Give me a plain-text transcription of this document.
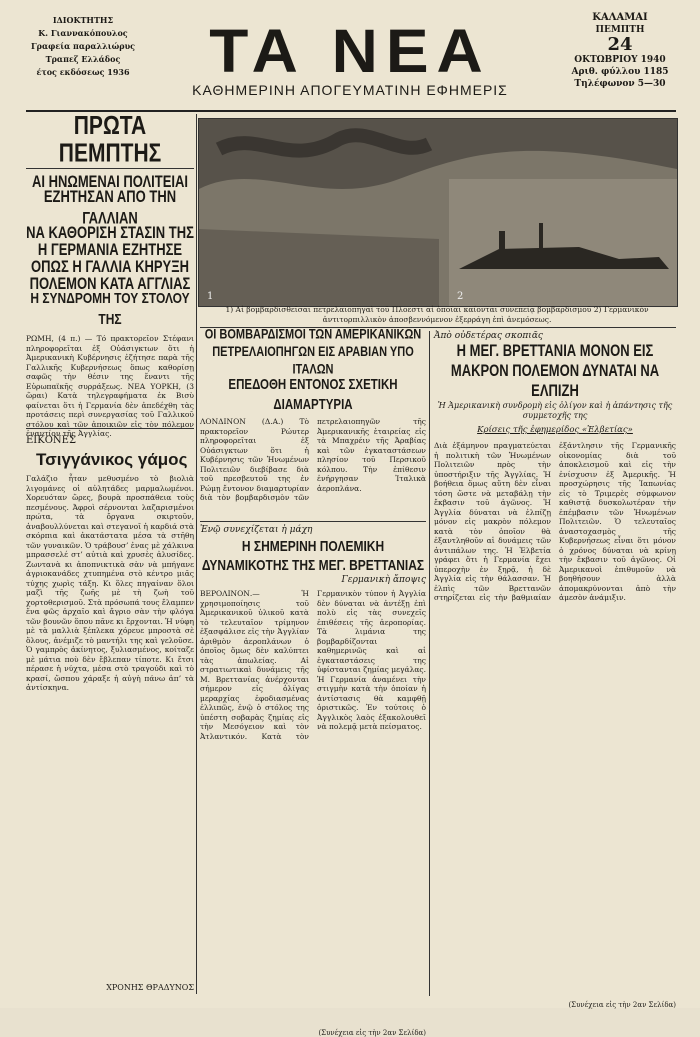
ΙΔΙΟΚΤΗΤΗΣ
Κ. Γιαννακόπουλος
Γραφεία παραλλιώρυς
Τραπεζ Ελλάδος
έτος εκδόσεως 1936	ΤΑ ΝΕΑ
ΚΑΘΗΜΕΡΙΝΗ ΑΠΟΓΕΥΜΑΤΙΝΗ ΕΦΗΜΕΡΙΣ
ΚΑΛΑΜΑΙ
ΠΕΜΠΤΗ
24
ΟΚΤΩΒΡΙΟΥ 1940
Αριθ. φύλλου 1185
Τηλέφωνον 5—30
ΠΡΩΤΑ ΠΕΜΠΤΗΣ
ΑΙ ΗΝΩΜΕΝΑΙ ΠΟΛΙΤΕΙΑΙ
ΕΖΗΤΗΣΑΝ ΑΠΟ ΤΗΝ ΓΑΛΛΙΑΝ
ΝΑ ΚΑΘΟΡΙΣΗ ΣΤΑΣΙΝ ΤΗΣ
Η ΓΕΡΜΑΝΙΑ ΕΖΗΤΗΣΕ
ΟΠΩΣ Η ΓΑΛΛΙΑ ΚΗΡΥΞΗ
ΠΟΛΕΜΟΝ ΚΑΤΑ ΑΓΓΛΙΑΣ
Η ΣΥΝΔΡΟΜΗ ΤΟΥ ΣΤΟΛΟΥ ΤΗΣ
ΡΩΜΗ, (4 π.) — Τό πρακτορεῖον Στέφανι πληροφορεῖται ἐξ Οὐάσιγκτων ὅτι ἡ Ἀμερικανικὴ Κυβέρνησις ἐζήτησε παρὰ τῆς Γαλλικῆς Κυβερνήσεως ὅπως καθορίσῃ σαφῶς τὴν θέσιν της ἔναντι τῆς Εὐρωπαϊκῆς συρράξεως. ΝΕΑ ΥΟΡΚΗ, (3 ὥραι) Κατὰ τηλεγραφήματα ἐκ Βισὺ φαίνεται ὅτι ἡ Γερμανία δὲν ἀπεδέχθη τὰς προτάσεις περὶ συνεργασίας τοῦ Γαλλικοῦ στόλου καὶ τῶν ἀποικιῶν εἰς τὸν πόλεμον ἐναντίον τῆς Ἀγγλίας.
ΕΙΚΟΝΕΣ
Τσιγγάνικος γάμος
Γαλάζιο ἦταν μεθυσμένο τὸ βιολιὰ λιγομάνες οἱ αὐλητάδες μαρμαλωμένοι. Χορευόταν ὥρες, βουρὰ προσπάθεια τοὺς πεσμένους. Ἀφροὶ σέρνονται λαζαρισμένοι πρώτα, τὰ ὄργανα σκιρτοῦν, ἀναβουλλύνεται καὶ στεγανοῖ ἡ καρδιά στὰ σκόρπια καὶ ἀκατάστατα μέσα τὰ στῆθη τῶν γυναικῶν. Ὁ τράβουσ’ ἐνας μὲ χάλκινα μπρασσελέ στ’ αὐτιὰ καὶ χρυσὲς ἀλυσίδες. Ζωντανὰ κι ἀποπνικτικὰ σὰν νὰ μπήγανε ἀγριοκανάδες χτυπημένα στὸ κέντρο μιᾶς τύχης χωρὶς τάξη. Κι ὅλες πηγαίναν ὅλοι μαζὶ τῆς ζωῆς μὲ τὴ ζωὴ τοῦ χορτοθερισμοῦ. Στὰ πρόσωπά τους ἔλαμπεν ἕνα φῶς ἀρχαῖο καὶ ἄγριο σὰν τὴν φλόγα τῶν βουνῶν ὅπου πᾶνε κι ἔρχονται. Ἡ νύφη μὲ τὰ μαλλιὰ ξέπλεκα χόρευε μπροστὰ σὲ ὅλους, ἀνέμιζε τὸ μαντήλι της καὶ γελοῦσε. Ὁ γαμπρὸς ἀκίνητος, ξυλιασμένος, κοίταζε μὲ μάτια ποὺ δὲν ἔβλεπαν τίποτε. Κι ἔτσι πέρασε ἡ νύχτα, μέσα στὸ τραγούδι καὶ τὸ κρασί, ὥσπου χάραξε ἡ αὐγὴ πάνω ἀπ’ τὰ ἀντίσκηνα.
ΧΡΟΝΗΣ ΘΡΑΔΥΝΟΣ
1	2
1) Αἱ βομβαρδισθεῖσαι πετρελαιοπηγαὶ τοῦ Πλοεστι αἱ ὁποῖαι καίονται συνεπείᾳ βομβαρδισμοῦ 2) Γερμανικὸν ἀντιτορπιλλικὸν ἀποσβεννόμενον ἐξερράγη ἐπὶ ἀνεμόσεως.
ΟΙ ΒΟΜΒΑΡΔΙΣΜΟΙ ΤΩΝ ΑΜΕΡΙΚΑΝΙΚΩΝ ΠΕΤΡΕΛΑΙΟΠΗΓΩΝ ΕΙΣ ΑΡΑΒΙΑΝ ΥΠΟ ΙΤΑΛΩΝ
ΕΠΕΔΟΘΗ ΕΝΤΟΝΟΣ ΣΧΕΤΙΚΗ ΔΙΑΜΑΡΤΥΡΙΑ
ΛΟΝΔΙΝΟΝ (Δ.Α.) Τὸ πρακτορεῖον Ρώυτερ πληροφορεῖται ἐξ Οὐάσιγκτων ὅτι ἡ Κυβέρνησις τῶν Ἡνωμένων Πολιτειῶν διεβίβασε διὰ τοῦ πρεσβευτοῦ της ἐν Ρώμῃ ἔντονον διαμαρτυρίαν διὰ τὸν βομβαρδισμὸν τῶν πετρελαιοπηγῶν τῆς Ἀμερικανικῆς ἑταιρείας εἰς τὰ Μπαχρέιν τῆς Ἀραβίας καὶ τῶν ἐγκαταστάσεων πλησίον τοῦ Περσικοῦ κόλπου. Τὴν ἐπίθεσιν ἐνήργησαν Ἰταλικὰ ἀεροπλάνα.
Ἐνῷ συνεχίζεται ἡ μάχη
Η ΣΗΜΕΡΙΝΗ ΠΟΛΕΜΙΚΗ ΔΥΝΑΜΙΚΟΤΗΣ ΤΗΣ ΜΕΓ. ΒΡΕΤΤΑΝΙΑΣ
Γερμανικὴ ἄποψις
ΒΕΡΟΛΙΝΟΝ.— Ἡ χρησιμοποίησις τοῦ Ἀμερικανικοῦ ὑλικοῦ κατὰ τὸ τελευταῖον τρίμηνον ἐξασφάλισε εἰς τὴν Ἀγγλίαν ἀριθμὸν ἀεροπλάνων ὁ ὁποῖος ὅμως δὲν καλύπτει τὰς ἀπωλείας. Αἱ στρατιωτικαὶ δυνάμεις τῆς Μ. Βρεττανίας ἀνέρχονται σήμερον εἰς ὀλίγας μεραρχίας ἐφοδιασμένας ἐλλιπῶς, ἐνῷ ὁ στόλος της ὑπέστη σοβαρὰς ζημίας εἰς τὴν Μεσόγειον καὶ τὸν Ἀτλαντικόν. Κατὰ τὸν Γερμανικὸν τύπον ἡ Ἀγγλία δὲν δύναται νὰ ἀντέξῃ ἐπὶ πολὺ εἰς τὰς συνεχεῖς ἐπιθέσεις τῆς ἀεροπορίας. Τὰ λιμάνια της βομβαρδίζονται καθημερινῶς καὶ αἱ ἐγκαταστάσεις της ὑφίστανται ζημίας μεγάλας. Ἡ Γερμανία ἀναμένει τὴν στιγμὴν κατὰ τὴν ὁποίαν ἡ ἀντίστασις θὰ καμφθῇ ὁριστικῶς. Ἐν τούτοις ὁ Ἀγγλικὸς λαὸς ἐξακολουθεῖ νὰ πολεμᾷ μετὰ πείσματος.
(Συνέχεια εἰς τὴν 2αν Σελίδα)
Ἀπὸ οὐδετέρας σκοπιᾶς
Η ΜΕΓ. ΒΡΕΤΤΑΝΙΑ ΜΟΝΟΝ ΕΙΣ ΜΑΚΡΟΝ ΠΟΛΕΜΟΝ ΔΥΝΑΤΑΙ ΝΑ ΕΛΠΙΖΗ
Ἡ Ἀμερικανικὴ συνδρομὴ εἰς ὀλίγον καὶ ἡ ἀπάντησις τῆς συμμετοχῆς της
Κρίσεις τῆς ἐφημερίδος «Ἑλβετίας»
Διὰ ἑξάμηνον πραγματεύεται ἡ πολιτικὴ τῶν Ἡνωμένων Πολιτειῶν πρὸς τὴν ὑποστήριξιν τῆς Ἀγγλίας. Ἡ βοήθεια ὅμως αὕτη δὲν εἶναι τόση ὥστε νὰ μεταβάλῃ τὴν ἔκβασιν τοῦ ἀγῶνος. Ἡ Ἀγγλία δύναται νὰ ἐλπίζῃ μόνον εἰς μακρὸν πόλεμον κατὰ τὸν ὁποῖον θὰ ἐξαντληθοῦν αἱ δυνάμεις τῶν ἀντιπάλων της. Ἡ Ἑλβετία γράφει ὅτι ἡ Γερμανία ἔχει ὑπεροχὴν ἐν ξηρᾷ, ἡ δὲ Ἀγγλία εἰς τὴν θάλασσαν. Ἡ ἐλπὶς τῶν Βρεττανῶν στηρίζεται εἰς τὴν βαθμιαίαν ἐξάντλησιν τῆς Γερμανικῆς οἰκονομίας διὰ τοῦ ἀποκλεισμοῦ καὶ εἰς τὴν ἐνίσχυσιν ἐξ Ἀμερικῆς. Ἡ προσχώρησις τῆς Ἰαπωνίας εἰς τὸ Τριμερὲς σύμφωνον καθιστᾷ δυσκολωτέραν τὴν ἐπέμβασιν τῶν Ἡνωμένων Πολιτειῶν. Ὁ τελευταῖος ἀναστοχασμὸς τῆς Κυβερνήσεως εἶναι ὅτι μόνον ὁ χρόνος δύναται νὰ κρίνῃ τὴν ἔκβασιν τοῦ ἀγῶνος. Οἱ Ἀμερικανοὶ ἐπιθυμοῦν νὰ βοηθήσουν ἀλλὰ ἀπομακρύνονται ἀπὸ τὴν ἀμεσὸν ἀνάμιξιν.
(Συνέχεια εἰς τὴν 2αν Σελίδα)
